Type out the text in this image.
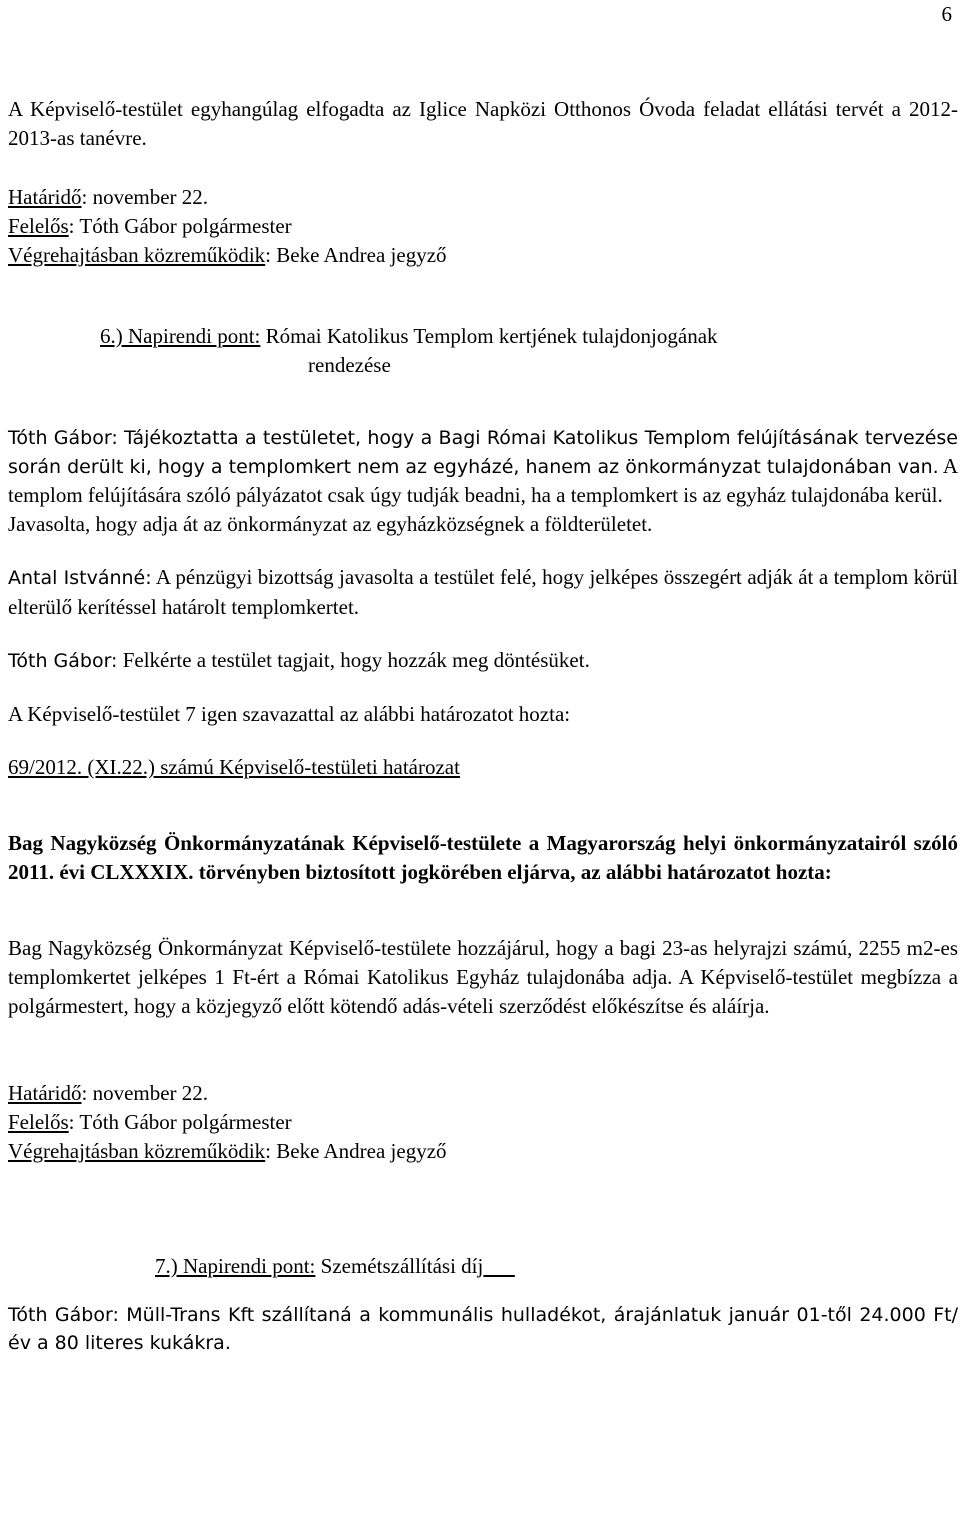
6

A Képviselő-testület egyhangúlag elfogadta az Iglice Napközi Otthonos Óvoda feladat ellátási tervét a 2012-2013-as tanévre.

Határidő: november 22.

Felelős: Tóth Gábor polgármester

Végrehajtásban közreműködik: Beke Andrea jegyző

6.) Napirendi pont: Római Katolikus Templom kertjének tulajdonjogának

rendezése

Tóth Gábor: Tájékoztatta a testületet, hogy a Bagi Római Katolikus Templom felújításának tervezése során derült ki, hogy a templomkert nem az egyházé, hanem az önkormányzat tulajdonában van. A templom felújítására szóló pályázatot csak úgy tudják beadni, ha a templomkert is az egyház tulajdonába kerül.

Javasolta, hogy adja át az önkormányzat az egyházközségnek a földterületet.

Antal Istvánné: A pénzügyi bizottság javasolta a testület felé, hogy jelképes összegért adják át a templom körül elterülő kerítéssel határolt templomkertet.

Tóth Gábor: Felkérte a testület tagjait, hogy hozzák meg döntésüket.

A Képviselő-testület 7 igen szavazattal az alábbi határozatot hozta:

69/2012. (XI.22.) számú Képviselő-testületi határozat

Bag Nagyközség Önkormányzatának Képviselő-testülete a Magyarország helyi önkormányzatairól szóló 2011. évi CLXXXIX. törvényben biztosított jogkörében eljárva, az alábbi határozatot hozta:

Bag Nagyközség Önkormányzat Képviselő-testülete hozzájárul, hogy a bagi 23-as helyrajzi számú, 2255 m2-es templomkertet jelképes 1 Ft-ért a Római Katolikus Egyház tulajdonába adja. A Képviselő-testület megbízza a polgármestert, hogy a közjegyző előtt kötendő adás-vételi szerződést előkészítse és aláírja.

Határidő: november 22.

Felelős: Tóth Gábor polgármester

Végrehajtásban közreműködik: Beke Andrea jegyző

7.) Napirendi pont: Szemétszállítási díj

Tóth Gábor: Müll-Trans Kft szállítaná a kommunális hulladékot, árajánlatuk január 01-től 24.000 Ft/év a 80 literes kukákra.
